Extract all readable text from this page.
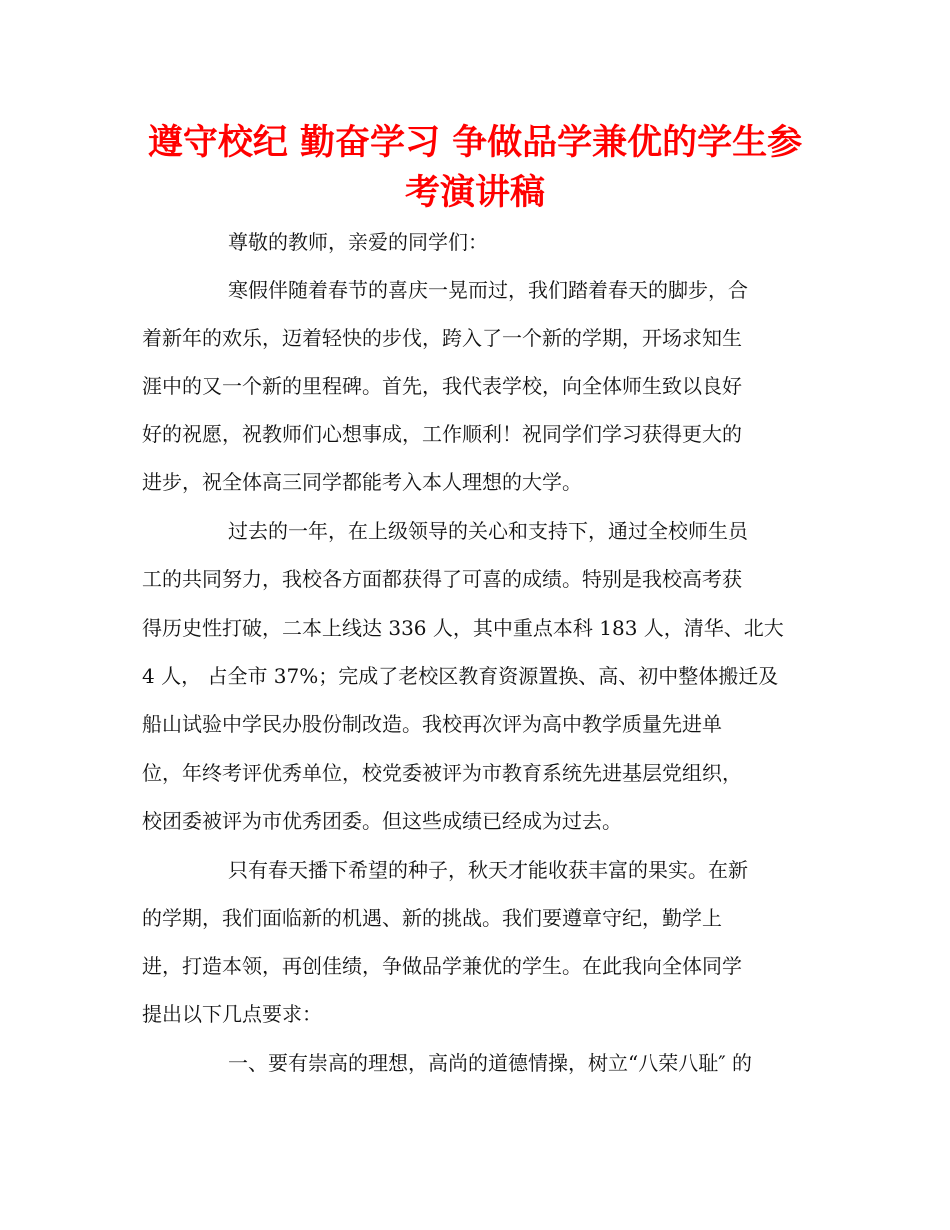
遵守校纪 勤奋学习 争做品学兼优的学生参
考演讲稿
尊敬的教师，亲爱的同学们：
寒假伴随着春节的喜庆一晃而过，我们踏着春天的脚步，合
着新年的欢乐，迈着轻快的步伐，跨入了一个新的学期，开场求知生
涯中的又一个新的里程碑。首先，我代表学校，向全体师生致以良好
好的祝愿，祝教师们心想事成，工作顺利！祝同学们学习获得更大的
进步，祝全体高三同学都能考入本人理想的大学。
过去的一年，在上级领导的关心和支持下，通过全校师生员
工的共同努力，我校各方面都获得了可喜的成绩。特别是我校高考获
得历史性打破，二本上线达 336 人，其中重点本科 183 人，清华、北大
4 人， 占全市 37%；完成了老校区教育资源置换、高、初中整体搬迁及
船山试验中学民办股份制改造。我校再次评为高中教学质量先进单
位，年终考评优秀单位，校党委被评为市教育系统先进基层党组织，
校团委被评为市优秀团委。但这些成绩已经成为过去。
只有春天播下希望的种子，秋天才能收获丰富的果实。在新
的学期，我们面临新的机遇、新的挑战。我们要遵章守纪，勤学上
进，打造本领，再创佳绩，争做品学兼优的学生。在此我向全体同学
提出以下几点要求：
一、要有崇高的理想，高尚的道德情操，树立“八荣八耻″ 的
